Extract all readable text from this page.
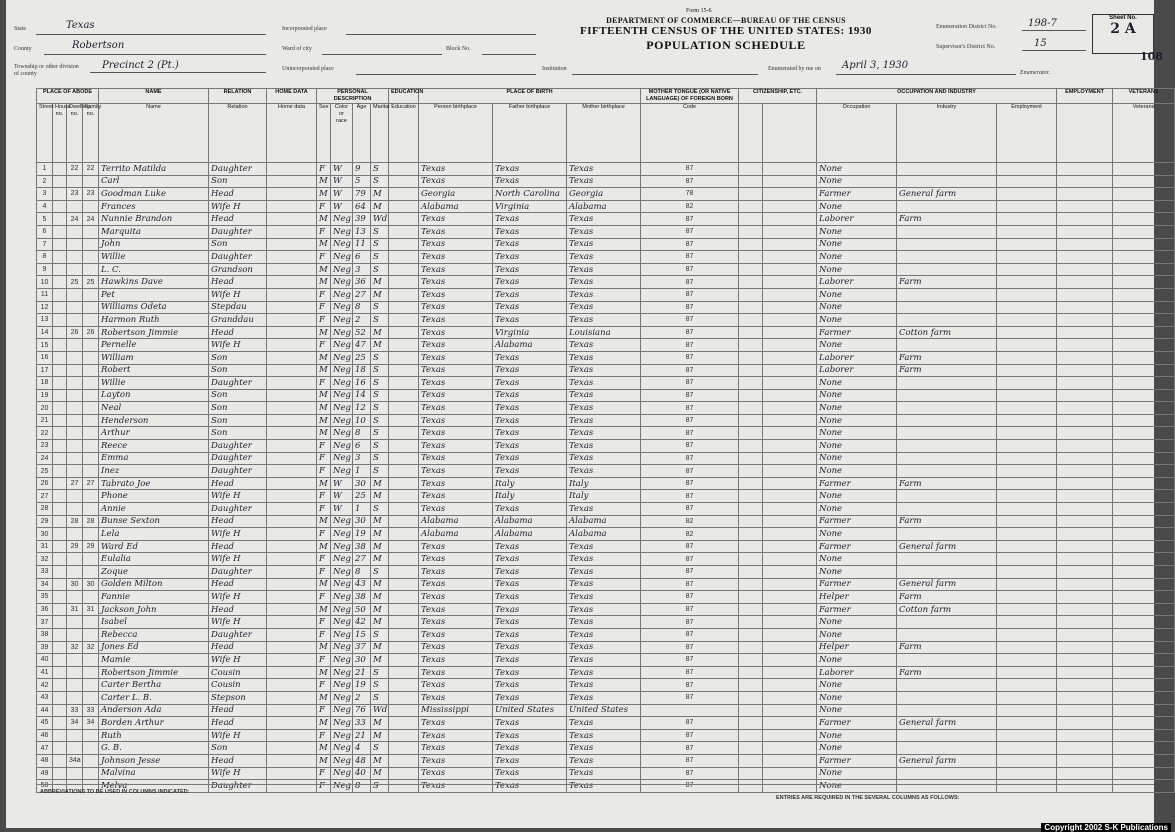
Form 15-6
DEPARTMENT OF COMMERCE—BUREAU OF THE CENSUS
FIFTEENTH CENSUS OF THE UNITED STATES: 1930
POPULATION SCHEDULE
State	Texas
County	Robertson
Township or other division of county
Precinct 2 (Pt.)
Incorporated place
Ward of city	Block No.
Unincorporated place	Institution	Enumerated by me on April 3, 1930
Enumerator.
Enumeration District No.	198-7
Supervisor's District No.	15
Sheet No.
2 A
108
PLACE OF ABODE				NAME	RELATION	HOME DATA	PERSONAL DESCRIPTION				EDUCATION	PLACE OF BIRTH			MOTHER TONGUE (OR NATIVE LANGUAGE) OF FOREIGN BORN	CITIZENSHIP, ETC.		OCCUPATION AND INDUSTRY			EMPLOYMENT	VETERANS
Street	House no.	Dwelling no.	Family no.	Name	Relation	Home data	Sex	Color or race	Age	Marital	Education	Person birthplace	Father birthplace	Mother birthplace	Code			Occupation	Industry	Employment		Veterans
1		22	22	Territo Matilda	Daughter		F	W	9	S		Texas	Texas	Texas	87			None				
2				Carl	Son		M	W	5	S		Texas	Texas	Texas	87			None				
3		23	23	Goodman Luke	Head		M	W	79	M		Georgia	North Carolina	Georgia	78			Farmer	General farm			
4				Frances	Wife H		F	W	64	M		Alabama	Virginia	Alabama	82			None				
5		24	24	Nunnie Brandon	Head		M	Neg	39	Wd		Texas	Texas	Texas	87			Laborer	Farm			
6				Marquita	Daughter		F	Neg	13	S		Texas	Texas	Texas	87			None				
7				John	Son		M	Neg	11	S		Texas	Texas	Texas	87			None				
8				Willie	Daughter		F	Neg	6	S		Texas	Texas	Texas	87			None				
9				L. C.	Grandson		M	Neg	3	S		Texas	Texas	Texas	87			None				
10		25	25	Hawkins Dave	Head		M	Neg	36	M		Texas	Texas	Texas	87			Laborer	Farm			
11				Pet	Wife H		F	Neg	27	M		Texas	Texas	Texas	87			None				
12				Williams Odeta	Stepdau		F	Neg	8	S		Texas	Texas	Texas	87			None				
13				Harmon Ruth	Granddau		F	Neg	2	S		Texas	Texas	Texas	87			None				
14		26	26	Robertson Jimmie	Head		M	Neg	52	M		Texas	Virginia	Louisiana	87			Farmer	Cotton farm			
15				Pernelle	Wife H		F	Neg	47	M		Texas	Alabama	Texas	87			None				
16				William	Son		M	Neg	25	S		Texas	Texas	Texas	87			Laborer	Farm			
17				Robert	Son		M	Neg	18	S		Texas	Texas	Texas	87			Laborer	Farm			
18				Willie	Daughter		F	Neg	16	S		Texas	Texas	Texas	87			None				
19				Layton	Son		M	Neg	14	S		Texas	Texas	Texas	87			None				
20				Neal	Son		M	Neg	12	S		Texas	Texas	Texas	87			None				
21				Henderson	Son		M	Neg	10	S		Texas	Texas	Texas	87			None				
22				Arthur	Son		M	Neg	8	S		Texas	Texas	Texas	87			None				
23				Reece	Daughter		F	Neg	6	S		Texas	Texas	Texas	87			None				
24				Emma	Daughter		F	Neg	3	S		Texas	Texas	Texas	87			None				
25				Inez	Daughter		F	Neg	1	S		Texas	Texas	Texas	87			None				
26		27	27	Tabrato Joe	Head		M	W	30	M		Texas	Italy	Italy	87			Farmer	Farm			
27				Phone	Wife H		F	W	25	M		Texas	Italy	Italy	87			None				
28				Annie	Daughter		F	W	1	S		Texas	Texas	Texas	87			None				
29		28	28	Bunse Sexton	Head		M	Neg	30	M		Alabama	Alabama	Alabama	82			Farmer	Farm			
30				Lela	Wife H		F	Neg	19	M		Alabama	Alabama	Alabama	82			None				
31		29	29	Ward Ed	Head		M	Neg	38	M		Texas	Texas	Texas	87			Farmer	General farm			
32				Eulalia	Wife H		F	Neg	27	M		Texas	Texas	Texas	87			None				
33				Zoque	Daughter		F	Neg	8	S		Texas	Texas	Texas	87			None				
34		30	30	Golden Milton	Head		M	Neg	43	M		Texas	Texas	Texas	87			Farmer	General farm			
35				Fannie	Wife H		F	Neg	38	M		Texas	Texas	Texas	87			Helper	Farm			
36		31	31	Jackson John	Head		M	Neg	50	M		Texas	Texas	Texas	87			Farmer	Cotton farm			
37				Isabel	Wife H		F	Neg	42	M		Texas	Texas	Texas	87			None				
38				Rebecca	Daughter		F	Neg	15	S		Texas	Texas	Texas	87			None				
39		32	32	Jones Ed	Head		M	Neg	37	M		Texas	Texas	Texas	87			Helper	Farm			
40				Mamie	Wife H		F	Neg	30	M		Texas	Texas	Texas	87			None				
41				Robertson Jimmie	Cousin		M	Neg	21	S		Texas	Texas	Texas	87			Laborer	Farm			
42				Carter Bertha	Cousin		F	Neg	19	S		Texas	Texas	Texas	87			None				
43				Carter L. B.	Stepson		M	Neg	2	S		Texas	Texas	Texas	87			None				
44		33	33	Anderson Ada	Head		F	Neg	76	Wd		Mississippi	United States	United States				None				
45		34	34	Borden Arthur	Head		M	Neg	33	M		Texas	Texas	Texas	87			Farmer	General farm			
46				Ruth	Wife H		F	Neg	21	M		Texas	Texas	Texas	87			None				
47				G. B.	Son		M	Neg	4	S		Texas	Texas	Texas	87			None				
48		34a		Johnson Jesse	Head		M	Neg	48	M		Texas	Texas	Texas	87			Farmer	General farm			
49				Malvina	Wife H		F	Neg	40	M		Texas	Texas	Texas	87			None				
50				Melva	Daughter		F	Neg	8	S		Texas	Texas	Texas	87			None				
ABBREVIATIONS TO BE USED IN COLUMNS INDICATED:
ENTRIES ARE REQUIRED IN THE SEVERAL COLUMNS AS FOLLOWS:
Copyright 2002 S-K Publications
